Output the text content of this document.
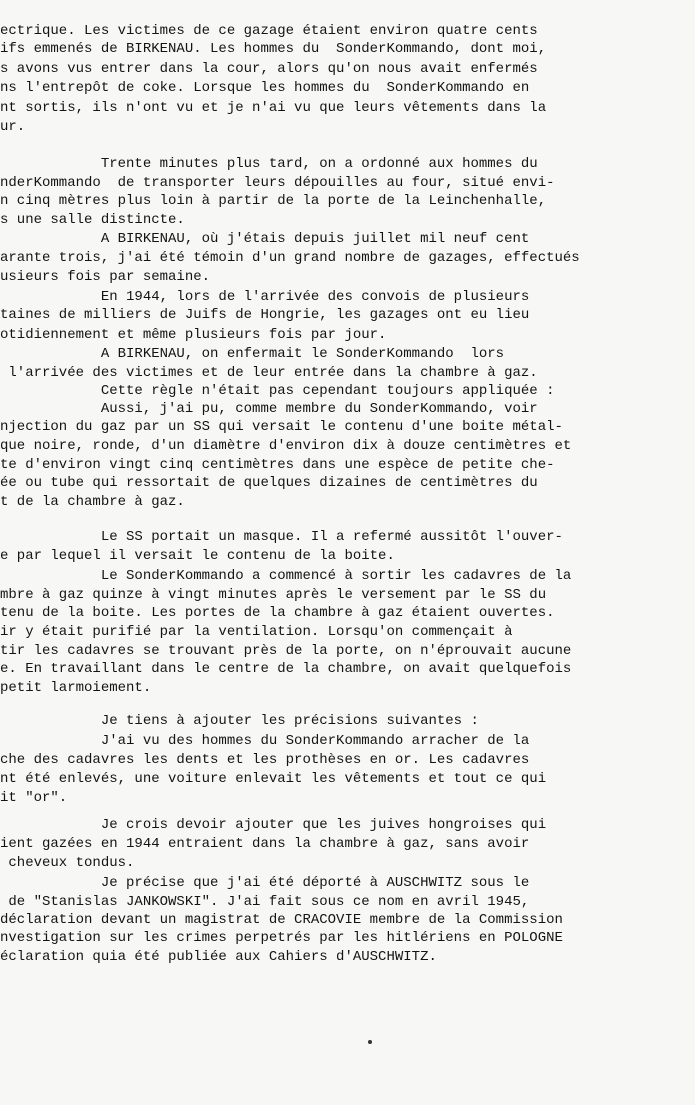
ectrique. Les victimes de ce gazage étaient environ quatre cents
ifs emmenés de BIRKENAU. Les hommes du  SonderKommando, dont moi,
s avons vus entrer dans la cour, alors qu'on nous avait enfermés
ns l'entrepôt de coke. Lorsque les hommes du  SonderKommando en
nt sortis, ils n'ont vu et je n'ai vu que leurs vêtements dans la
ur.
Trente minutes plus tard, on a ordonné aux hommes du
nderKommando  de transporter leurs dépouilles au four, situé envi-
n cinq mètres plus loin à partir de la porte de la Leinchenhalle,
s une salle distincte.
A BIRKENAU, où j'étais depuis juillet mil neuf cent
arante trois, j'ai été témoin d'un grand nombre de gazages, effectués
usieurs fois par semaine.
En 1944, lors de l'arrivée des convois de plusieurs
taines de milliers de Juifs de Hongrie, les gazages ont eu lieu
otidiennement et même plusieurs fois par jour.
A BIRKENAU, on enfermait le SonderKommando  lors
l'arrivée des victimes et de leur entrée dans la chambre à gaz.
Cette règle n'était pas cependant toujours appliquée :
Aussi, j'ai pu, comme membre du SonderKommando, voir
njection du gaz par un SS qui versait le contenu d'une boite métal-
que noire, ronde, d'un diamètre d'environ dix à douze centimètres et
te d'environ vingt cinq centimètres dans une espèce de petite che-
ée ou tube qui ressortait de quelques dizaines de centimètres du
t de la chambre à gaz.
Le SS portait un masque. Il a refermé aussitôt l'ouver-
e par lequel il versait le contenu de la boite.
Le SonderKommando a commencé à sortir les cadavres de la
mbre à gaz quinze à vingt minutes après le versement par le SS du
tenu de la boite. Les portes de la chambre à gaz étaient ouvertes.
ir y était purifié par la ventilation. Lorsqu'on commençait à
tir les cadavres se trouvant près de la porte, on n'éprouvait aucune
e. En travaillant dans le centre de la chambre, on avait quelquefois
petit larmoiement.
Je tiens à ajouter les précisions suivantes :
J'ai vu des hommes du SonderKommando arracher de la
che des cadavres les dents et les prothèses en or. Les cadavres
nt été enlevés, une voiture enlevait les vêtements et tout ce qui
it "or".
Je crois devoir ajouter que les juives hongroises qui
ient gazées en 1944 entraient dans la chambre à gaz, sans avoir
cheveux tondus.
Je précise que j'ai été déporté à AUSCHWITZ sous le
de "Stanislas JANKOWSKI". J'ai fait sous ce nom en avril 1945,
déclaration devant un magistrat de CRACOVIE membre de la Commission
nvestigation sur les crimes perpetrés par les hitlériens en POLOGNE
éclaration quia été publiée aux Cahiers d'AUSCHWITZ.
